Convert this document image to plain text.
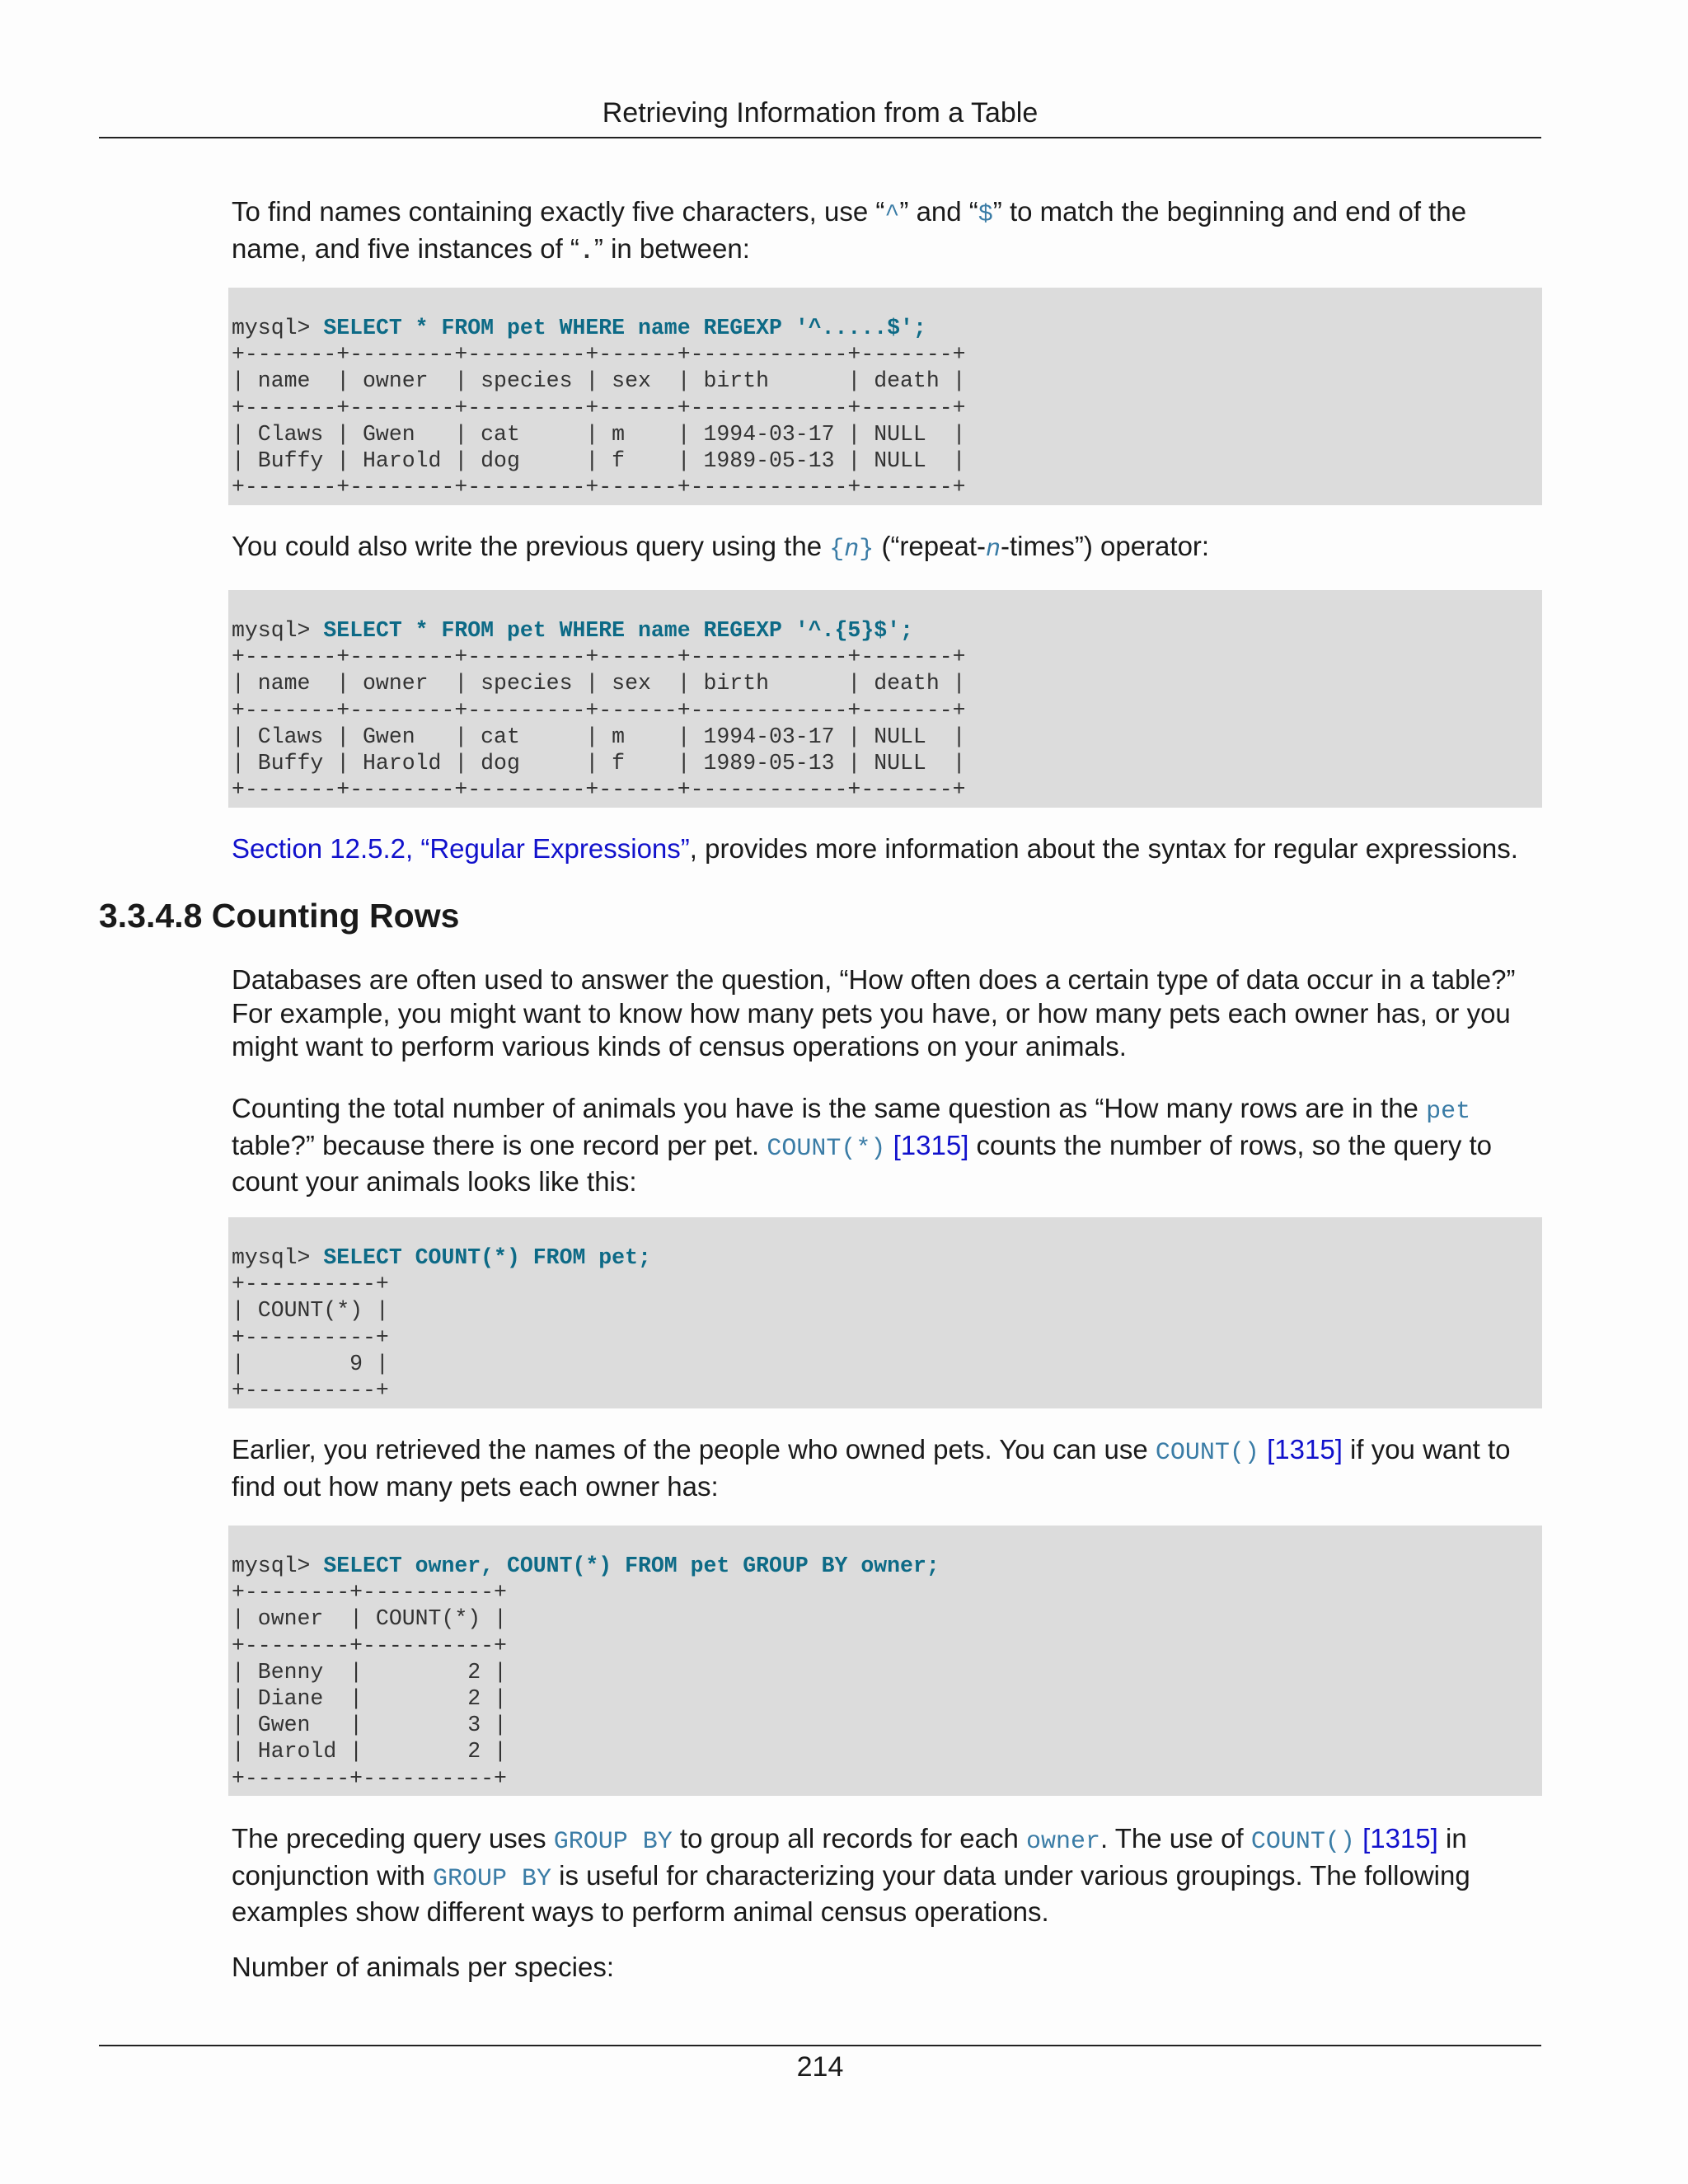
Retrieving Information from a Table

To find names containing exactly five characters, use “^” and “$” to match the beginning and end of the name, and five instances of “.” in between:

mysql> SELECT * FROM pet WHERE name REGEXP '^.....$';
+-------+--------+---------+------+------------+-------+
| name  | owner  | species | sex  | birth      | death |
+-------+--------+---------+------+------------+-------+
| Claws | Gwen   | cat     | m    | 1994-03-17 | NULL  |
| Buffy | Harold | dog     | f    | 1989-05-13 | NULL  |
+-------+--------+---------+------+------------+-------+

You could also write the previous query using the {n} (“repeat-n-times”) operator:

mysql> SELECT * FROM pet WHERE name REGEXP '^.{5}$';
+-------+--------+---------+------+------------+-------+
| name  | owner  | species | sex  | birth      | death |
+-------+--------+---------+------+------------+-------+
| Claws | Gwen   | cat     | m    | 1994-03-17 | NULL  |
| Buffy | Harold | dog     | f    | 1989-05-13 | NULL  |
+-------+--------+---------+------+------------+-------+

Section 12.5.2, “Regular Expressions”, provides more information about the syntax for regular expressions.

3.3.4.8 Counting Rows

Databases are often used to answer the question, “How often does a certain type of data occur in a table?” For example, you might want to know how many pets you have, or how many pets each owner has, or you might want to perform various kinds of census operations on your animals.

Counting the total number of animals you have is the same question as “How many rows are in the pet table?” because there is one record per pet. COUNT(*) [1315] counts the number of rows, so the query to count your animals looks like this:

mysql> SELECT COUNT(*) FROM pet;
+----------+
| COUNT(*) |
+----------+
|        9 |
+----------+

Earlier, you retrieved the names of the people who owned pets. You can use COUNT() [1315] if you want to find out how many pets each owner has:

mysql> SELECT owner, COUNT(*) FROM pet GROUP BY owner;
+--------+----------+
| owner  | COUNT(*) |
+--------+----------+
| Benny  |        2 |
| Diane  |        2 |
| Gwen   |        3 |
| Harold |        2 |
+--------+----------+

The preceding query uses GROUP BY to group all records for each owner. The use of COUNT() [1315] in conjunction with GROUP BY is useful for characterizing your data under various groupings. The following examples show different ways to perform animal census operations.

Number of animals per species:

214
